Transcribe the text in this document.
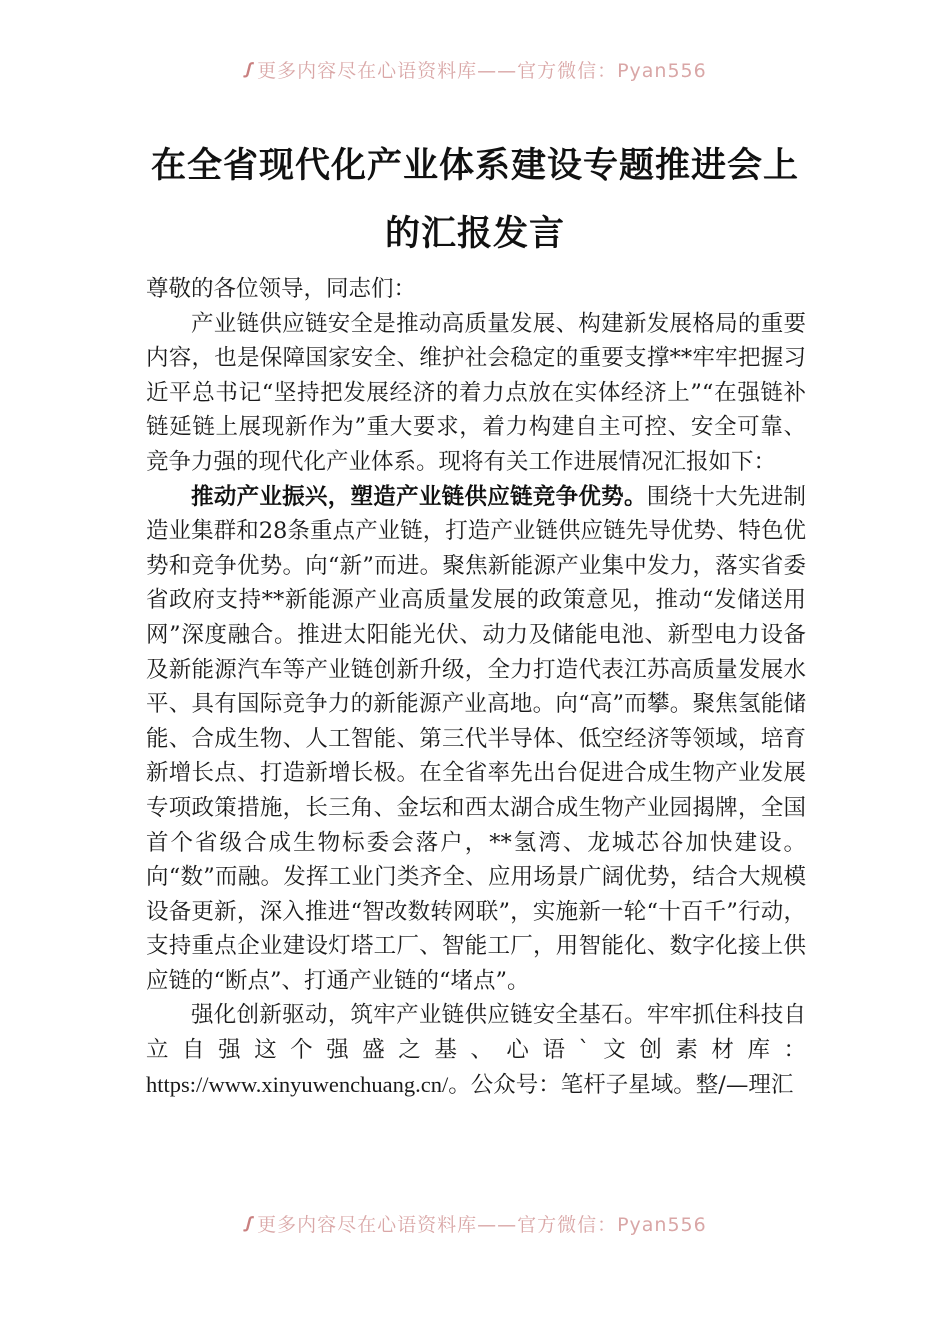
ꭍ 更多内容尽在心语资料库——官方微信：Pyan556
在全省现代化产业体系建设专题推进会上
的汇报发言

尊敬的各位领导，同志们：

产业链供应链安全是推动高质量发展、构建新发展格局的重要内容，也是保障国家安全、维护社会稳定的重要支撑**牢牢把握习近平总书记“坚持把发展经济的着力点放在实体经济上”“在强链补链延链上展现新作为”重大要求，着力构建自主可控、安全可靠、竞争力强的现代化产业体系。现将有关工作进展情况汇报如下：

推动产业振兴，塑造产业链供应链竞争优势。围绕十大先进制造业集群和28条重点产业链，打造产业链供应链先导优势、特色优势和竞争优势。向“新”而进。聚焦新能源产业集中发力，落实省委省政府支持**新能源产业高质量发展的政策意见，推动“发储送用网”深度融合。推进太阳能光伏、动力及储能电池、新型电力设备及新能源汽车等产业链创新升级，全力打造代表江苏高质量发展水平、具有国际竞争力的新能源产业高地。向“高”而攀。聚焦氢能储能、合成生物、人工智能、第三代半导体、低空经济等领域，培育新增长点、打造新增长极。在全省率先出台促进合成生物产业发展专项政策措施，长三角、金坛和西太湖合成生物产业园揭牌，全国首个省级合成生物标委会落户，**氢湾、龙城芯谷加快建设。向“数”而融。发挥工业门类齐全、应用场景广阔优势，结合大规模设备更新，深入推进“智改数转网联”，实施新一轮“十百千”行动，支持重点企业建设灯塔工厂、智能工厂，用智能化、数字化接上供应链的“断点”、打通产业链的“堵点”。

强化创新驱动，筑牢产业链供应链安全基石。牢牢抓住科技自立自强这个强盛之基、心语`文创素材库：https://www.xinyuwenchuang.cn/。公众号：笔杆子星域。整/—理汇

ꭍ 更多内容尽在心语资料库——官方微信：Pyan556
